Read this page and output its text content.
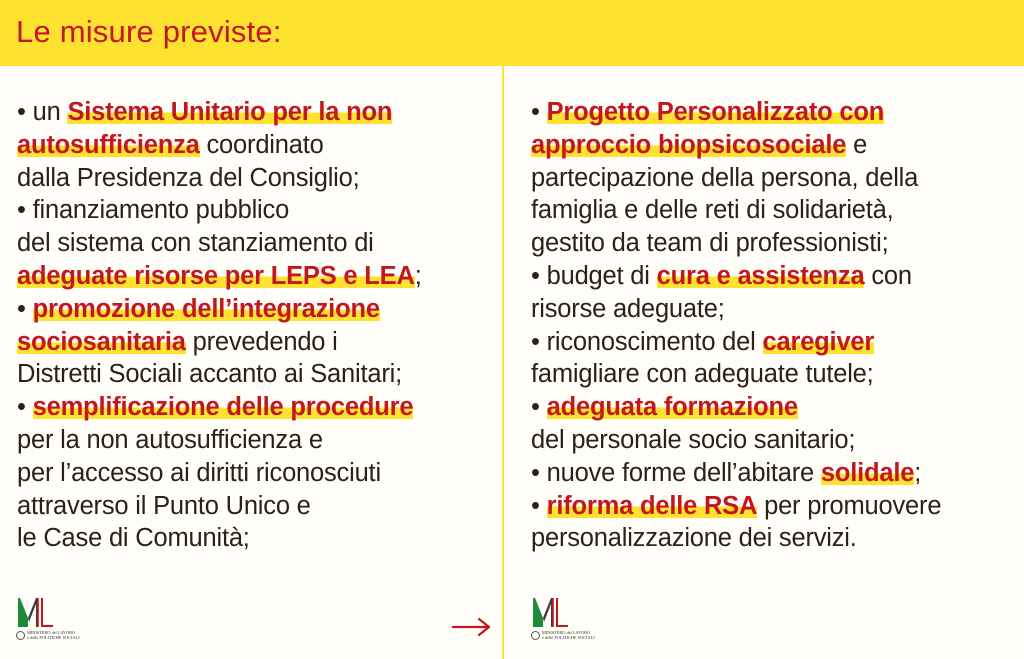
Le misure previste:
• un Sistema Unitario per la non
autosufficienza coordinato
dalla Presidenza del Consiglio;
• finanziamento pubblico
del sistema con stanziamento di
adeguate risorse per LEPS e LEA;
• promozione dell’integrazione
sociosanitaria prevedendo i
Distretti Sociali accanto ai Sanitari;
• semplificazione delle procedure
per la non autosufficienza e
per l’accesso ai diritti riconosciuti
attraverso il Punto Unico e
le Case di Comunità;
• Progetto Personalizzato con
approccio biopsicosociale e
partecipazione della persona, della
famiglia e delle reti di solidarietà,
gestito da team di professionisti;
• budget di cura e assistenza con
risorse adeguate;
• riconoscimento del caregiver
famigliare con adeguate tutele;
• adeguata formazione
del personale socio sanitario;
• nuove forme dell’abitare solidale;
• riforma delle RSA per promuovere
personalizzazione dei servizi.
MINISTERO del LAVORO
e delle POLITICHE SOCIALI
MINISTERO del LAVORO
e delle POLITICHE SOCIALI
